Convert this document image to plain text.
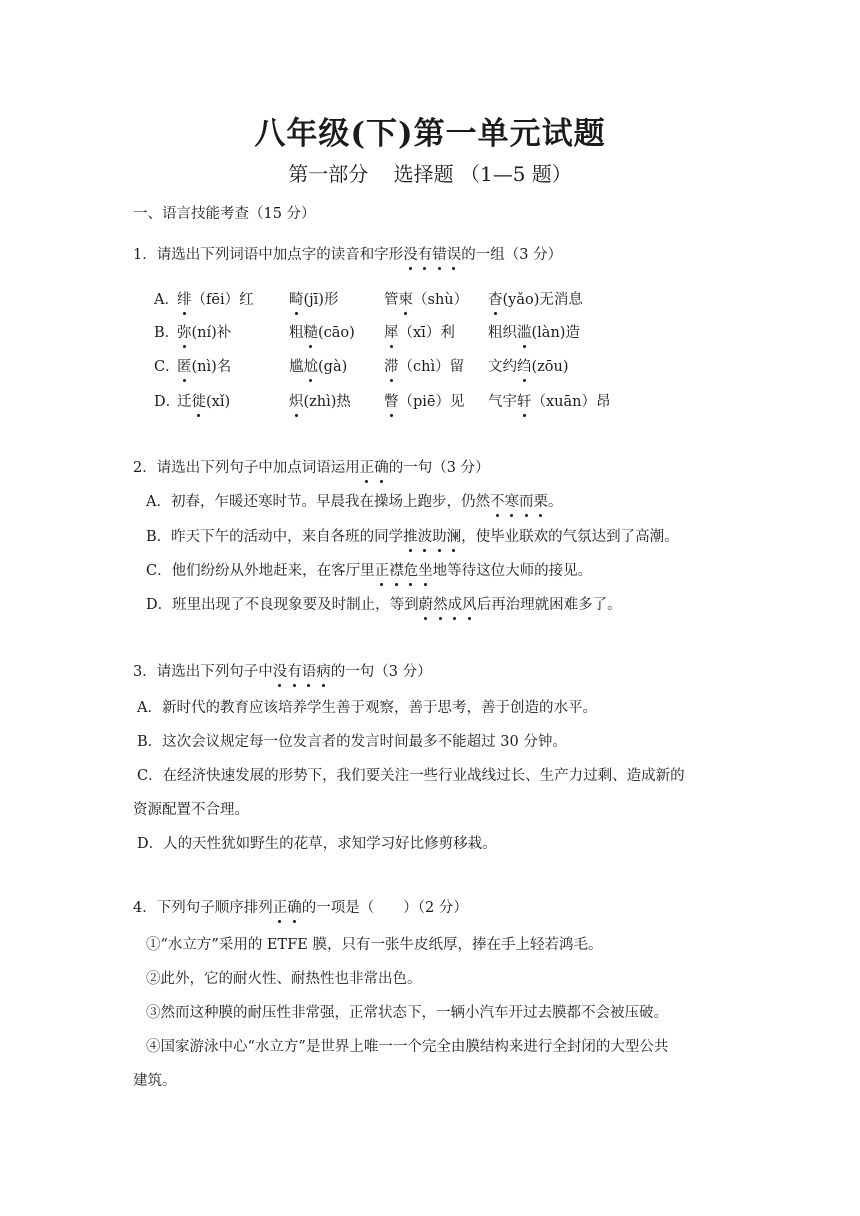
八年级(下)第一单元试题
第一部分    选择题 （1—5 题）
一、语言技能考查（15 分）
1．请选出下列词语中加点字的读音和字形没有错误的一组（3 分）
A．
绯（fēi）红 畸(jī)形	管柬（shù） 杳(yǎo)无消息
B．
弥(ní)补	粗糙(cāo) 犀（xī）利 粗织滥(làn)造
C．
匿(nì)名	尴尬(gà)	滞（chì）留 文约绉(zōu)
D．
迁徙(xǐ)	炽(zhì)热 瞥（piē）见 气宇轩（xuān）昂
2．请选出下列句子中加点词语运用正确的一句（3 分）
A．初春，乍暖还寒时节。早晨我在操场上跑步，仍然不寒而栗。
B．昨天下午的活动中，来自各班的同学推波助澜，使毕业联欢的气氛达到了高潮。
C．他们纷纷从外地赶来，在客厅里正襟危坐地等待这位大师的接见。
D．班里出现了不良现象要及时制止，等到蔚然成风后再治理就困难多了。
3．请选出下列句子中没有语病的一句（3 分）
A．新时代的教育应该培养学生善于观察，善于思考，善于创造的水平。
B．这次会议规定每一位发言者的发言时间最多不能超过 30 分钟。
C．在经济快速发展的形势下，我们要关注一些行业战线过长、生产力过剩、造成新的
资源配置不合理。
D．人的天性犹如野生的花草，求知学习好比修剪移栽。
4．下列句子顺序排列正确的一项是（　　）（2 分）
①“水立方”采用的 ETFE 膜，只有一张牛皮纸厚，捧在手上轻若鸿毛。
②此外，它的耐火性、耐热性也非常出色。
③然而这种膜的耐压性非常强，正常状态下，一辆小汽车开过去膜都不会被压破。
④国家游泳中心“水立方”是世界上唯一一个完全由膜结构来进行全封闭的大型公共
建筑。
